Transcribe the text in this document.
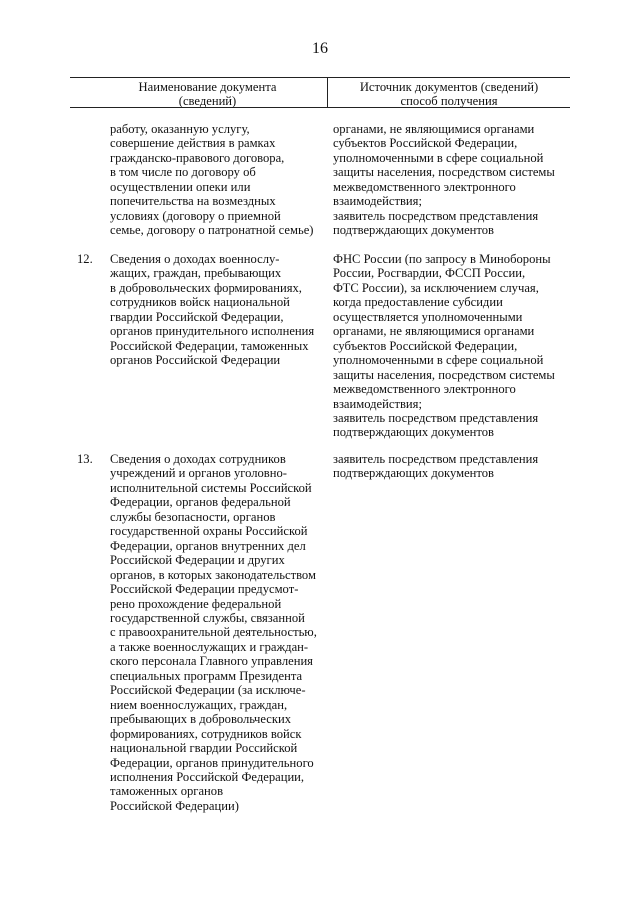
16
Наименование документа
(сведений)
Источник документов (сведений)
способ получения
работу, оказанную услугу,
совершение действия в рамках
гражданско-правового договора,
в том числе по договору об
осуществлении опеки или
попечительства на возмездных
условиях (договору о приемной
семье, договору о патронатной семье)
органами, не являющимися органами
субъектов Российской Федерации,
уполномоченными в сфере социальной
защиты населения, посредством системы
межведомственного электронного
взаимодействия;
заявитель посредством представления
подтверждающих документов
12. Сведения о доходах военнослу-
жащих, граждан, пребывающих
в добровольческих формированиях,
сотрудников войск национальной
гвардии Российской Федерации,
органов принудительного исполнения
Российской Федерации, таможенных
органов Российской Федерации
ФНС России (по запросу в Минобороны
России, Росгвардии, ФССП России,
ФТС России), за исключением случая,
когда предоставление субсидии
осуществляется уполномоченными
органами, не являющимися органами
субъектов Российской Федерации,
уполномоченными в сфере социальной
защиты населения, посредством системы
межведомственного электронного
взаимодействия;
заявитель посредством представления
подтверждающих документов
13. Сведения о доходах сотрудников
учреждений и органов уголовно-
исполнительной системы Российской
Федерации, органов федеральной
службы безопасности, органов
государственной охраны Российской
Федерации, органов внутренних дел
Российской Федерации и других
органов, в которых законодательством
Российской Федерации предусмот-
рено прохождение федеральной
государственной службы, связанной
с правоохранительной деятельностью,
а также военнослужащих и граждан-
ского персонала Главного управления
специальных программ Президента
Российской Федерации (за исключе-
нием военнослужащих, граждан,
пребывающих в добровольческих
формированиях, сотрудников войск
национальной гвардии Российской
Федерации, органов принудительного
исполнения Российской Федерации,
таможенных органов
Российской Федерации)
заявитель посредством представления
подтверждающих документов
